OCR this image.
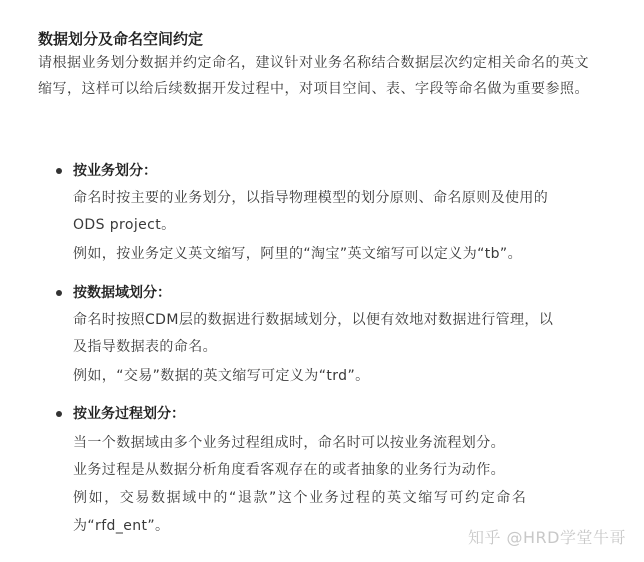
数据划分及命名空间约定
请根据业务划分数据并约定命名，建议针对业务名称结合数据层次约定相关命名的英文缩写，这样可以给后续数据开发过程中，对项目空间、表、字段等命名做为重要参照。
按业务划分：
命名时按主要的业务划分，以指导物理模型的划分原则、命名原则及使用的
ODS project。
例如，按业务定义英文缩写，阿里的“淘宝”英文缩写可以定义为“tb”。
按数据域划分：
命名时按照CDM层的数据进行数据域划分，以便有效地对数据进行管理，以
及指导数据表的命名。
例如，“交易”数据的英文缩写可定义为“trd”。
按业务过程划分：
当一个数据域由多个业务过程组成时，命名时可以按业务流程划分。
业务过程是从数据分析角度看客观存在的或者抽象的业务行为动作。
例如，交易数据域中的“退款”这个业务过程的英文缩写可约定命名
为“rfd_ent”。
知乎 @HRD学堂牛哥
